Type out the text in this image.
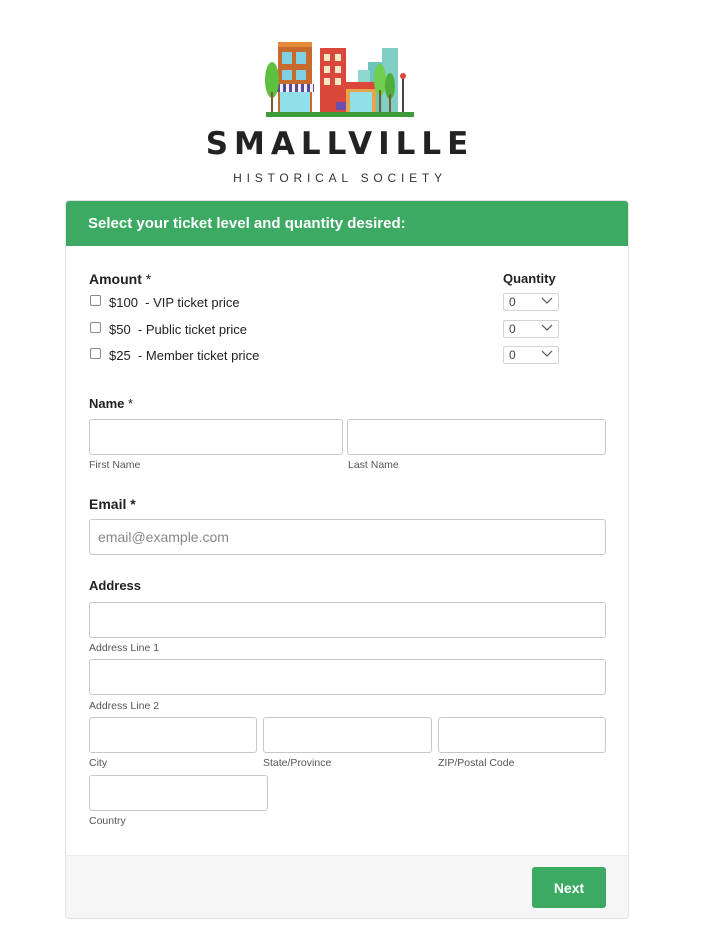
SMALLVILLE
HISTORICAL SOCIETY
Select your ticket level and quantity desired:
Amount *	Quantity
$100 - VIP ticket price	0
$50 - Public ticket price	0
$25 - Member ticket price	0
Name *
First Name	Last Name
Email *
email@example.com
Address
Address Line 1
Address Line 2
City	State/Province	ZIP/Postal Code
Country
Next
